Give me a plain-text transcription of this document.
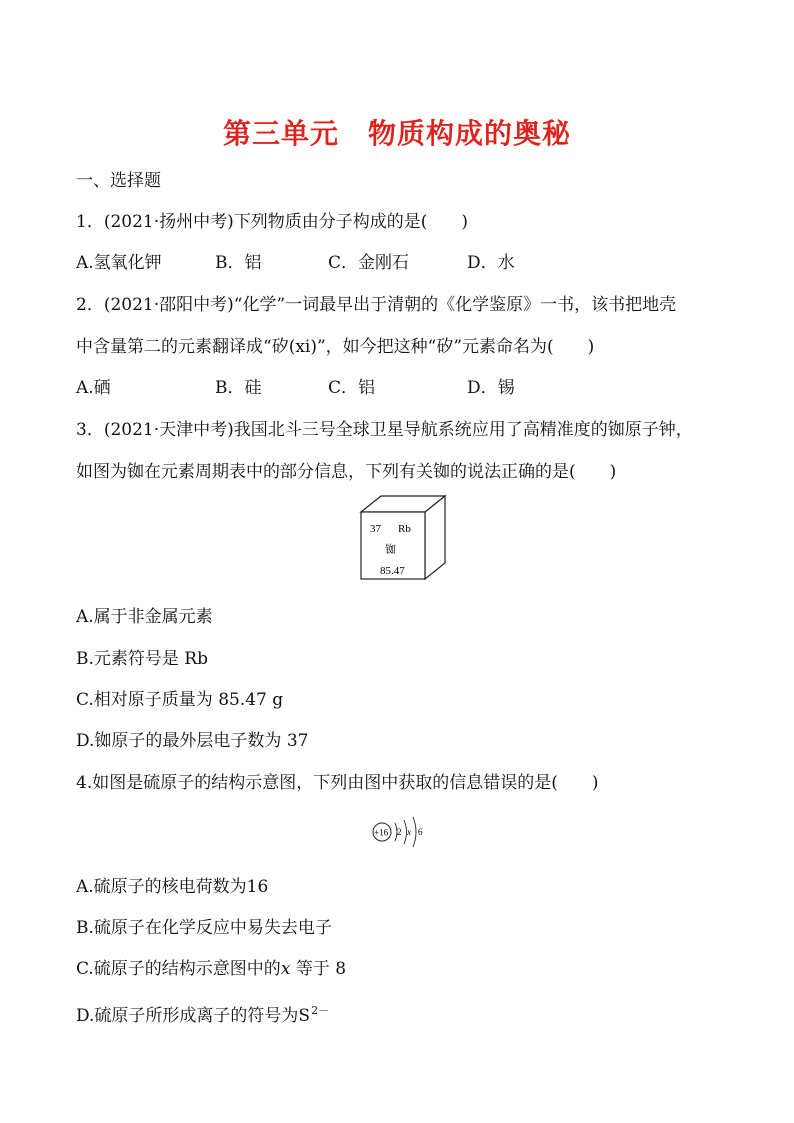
第三单元　物质构成的奥秘
一、选择题
1．(2021·扬州中考)下列物质由分子构成的是(　　)
A.氢氧化钾	B．铝	C．金刚石	D．水
2．(2021·邵阳中考)“化学”一词最早出于清朝的《化学鉴原》一书，该书把地壳
中含量第二的元素翻译成“矽(xi)”，如今把这种“矽”元素命名为(　　)
A.硒	B．硅	C．铝	D．锡
3．(2021·天津中考)我国北斗三号全球卫星导航系统应用了高精准度的铷原子钟，
如图为铷在元素周期表中的部分信息，下列有关铷的说法正确的是(　　)
37 Rb
铷
85.47
A.属于非金属元素
B.元素符号是 Rb
C.相对原子质量为 85.47 g
D.铷原子的最外层电子数为 37
4.如图是硫原子的结构示意图，下列由图中获取的信息错误的是(　　)
+16 2 x 6
A.硫原子的核电荷数为16
B.硫原子在化学反应中易失去电子
C.硫原子的结构示意图中的x 等于 8
D.硫原子所形成离子的符号为$S^{2-}$
